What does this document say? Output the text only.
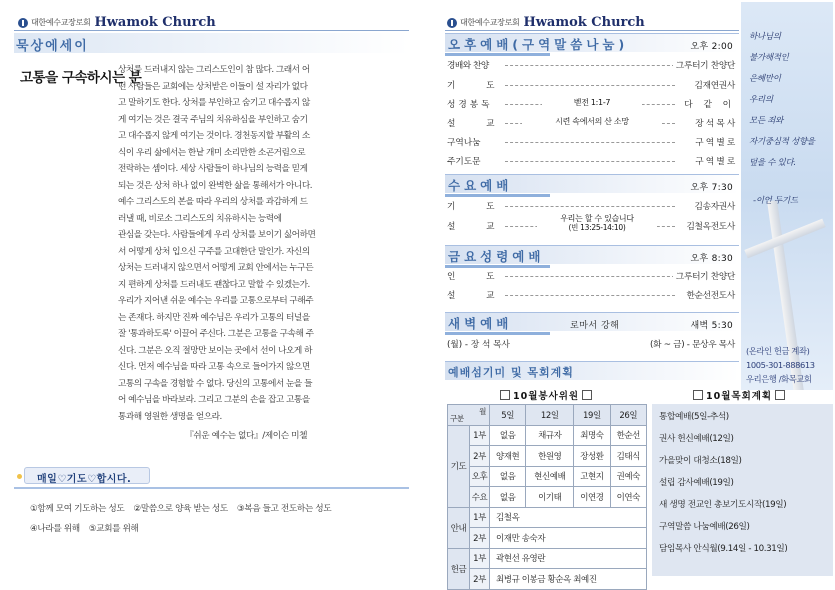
대한예수교장로회 Hwamok Church
묵상에세이
고통을 구속하시는 분
상처를 드러내지 않는 그리스도인이 참 많다. 그래서 어
떤 사람들은 교회에는 상처받은 이들이 설 자리가 없다
고 말하기도 한다. 상처를 부인하고 숨기고 대수롭지 않
게 여기는 것은 결국 주님의 치유하심을 부인하고 숨기
고 대수롭지 않게 여기는 것이다. 경천동지할 부활의 소
식이 우리 삶에서는 한낱 개미 소리만한 소곤거림으로
전락하는 셈이다. 세상 사람들이 하나님의 능력을 믿게
되는 것은 상처 하나 없이 완벽한 삶을 통해서가 아니다.
예수 그리스도의 본을 따라 우리의 상처를 과감하게 드
러낼 때, 비로소 그리스도의 치유하시는 능력에
관심을 갖는다. 사람들에게 우리 상처를 보이기 싫어하면
서 어떻게 상처 입으신 구주를 고대한단 말인가. 자신의
상처는 드러내지 않으면서 어떻게 교회 안에서는 누구든
지 편하게 상처를 드러내도 괜찮다고 말할 수 있겠는가.
우리가 지어낸 쉬운 예수는 우리를 고통으로부터 구해주
는 존재다. 하지만 진짜 예수님은 우리가 고통의 터널을
잘 '통과하도록' 이끌어 주신다. 그분은 고통을 구속해 주
신다. 그분은 오직 절망만 보이는 곳에서 선이 나오게 하
신다. 먼저 예수님을 따라 고통 속으로 들어가지 않으면
고통의 구속을 경험할 수 없다. 당신의 고통에서 눈을 들
어 예수님을 바라보라. 그리고 그분의 손을 잡고 고통을
통과해 영원한 생명을 얻으라.
『쉬운 예수는 없다』/제이슨 미첼
매일♡기도♡합시다.
①함께 모여 기도하는 성도 ②말씀으로 양육 받는 성도 ③복음 들고 전도하는 성도
④나라를 위해 ⑤교회를 위해
대한예수교장로회 Hwamok Church
오후예배(구역말씀나눔)	오후 2:00
경배와 찬양	그루터기 찬양단
기 도	김재연권사
성경봉독	벧전 1:1-7	다 같 이
설 교	시련 속에서의 산 소망	장 석 목 사
구역나눔	구 역 별 로
주기도문	구 역 별 로
수요예배	오후 7:30
기 도	김송자권사
설 교
우리는 할 수 있습니다
(빈 13:25-14:10)	김철옥전도사
금요성령예배	오후 8:30
인 도	그루터기 찬양단
설 교	한순선전도사
새벽예배	로마서 강해	새벽 5:30
(월) - 장 석 목사	(화 ~ 금) - 문상우 목사
하나님의
불가해적인
은혜만이
우리의
모든 죄와
자기중심적 성향을
덮을 수 있다.
-이언 두기드
(온라인 헌금 계좌)
1005-301-888613
우리은행 /화목교회
예배섬기미 및 목회계획
10월봉사위원	10월목회계획
월
구분		5일	12일	19일	26일
기도	1부	없음	채규자	최명숙	한순선
	2부	양재현	한원영	장성환	김태식
	오후	없음	현신예배	고현지	권예숙
	수요	없음	이기태	이연경	이연숙
안내	1부	김철옥			
	2부	이재만 송숙자			
헌금	1부	곽현선 유영란			
	2부	최병규 이봉금 황순옥 최예진			
통합예배(5일-추석)
권사 헌신예배(12일)
가을맞이 대청소(18일)
설립 감사예배(19일)
새 생명 전교인 총보기도시작(19일)
구역말씀 나눔예배(26일)
담임목사 안식월(9.14일 - 10.31일)
